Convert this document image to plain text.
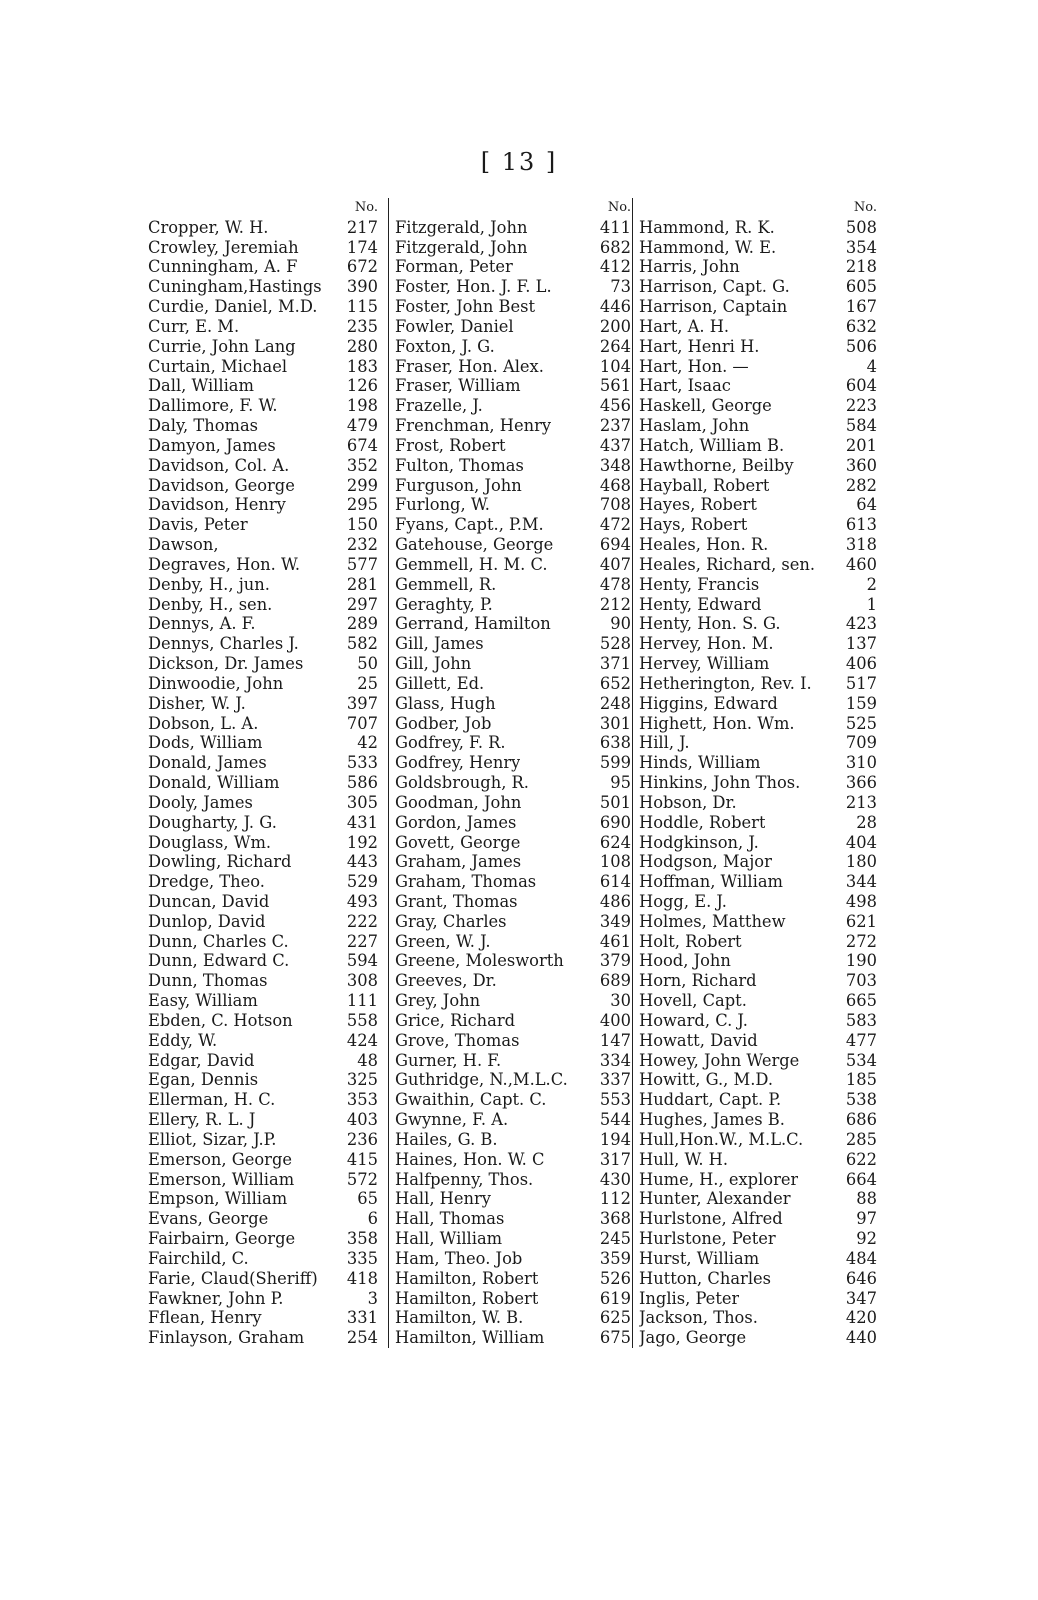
[ 13 ]
No.
Cropper, W. H.	217
Crowley, Jeremiah	174
Cunningham, A. F	672
Cuningham,Hastings 390
Curdie, Daniel, M.D. 115
Curr, E. M.	235
Currie, John Lang	280
Curtain, Michael	183
Dall, William	126
Dallimore, F. W.	198
Daly, Thomas	479
Damyon, James	674
Davidson, Col. A.	352
Davidson, George	299
Davidson, Henry	295
Davis, Peter	150
Dawson,	232
Degraves, Hon. W.	577
Denby, H., jun.	281
Denby, H., sen.	297
Dennys, A. F.	289
Dennys, Charles J.	582
Dickson, Dr. James	50
Dinwoodie, John	25
Disher, W. J.	397
Dobson, L. A.	707
Dods, William	42
Donald, James	533
Donald, William	586
Dooly, James	305
Dougharty, J. G.	431
Douglass, Wm.	192
Dowling, Richard	443
Dredge, Theo.	529
Duncan, David	493
Dunlop, David	222
Dunn, Charles C.	227
Dunn, Edward C.	594
Dunn, Thomas	308
Easy, William	111
Ebden, C. Hotson	558
Eddy, W.	424
Edgar, David	48
Egan, Dennis	325
Ellerman, H. C.	353
Ellery, R. L. J	403
Elliot, Sizar, J.P.	236
Emerson, George	415
Emerson, William	572
Empson, William	65
Evans, George	6
Fairbairn, George	358
Fairchild, C.	335
Farie, Claud(Sheriff) 418
Fawkner, John P.	3
Fflean, Henry	331
Finlayson, Graham	254
No.
Fitzgerald, John	411
Fitzgerald, John	682
Forman, Peter	412
Foster, Hon. J. F. L.	73
Foster, John Best	446
Fowler, Daniel	200
Foxton, J. G.	264
Fraser, Hon. Alex.	104
Fraser, William	561
Frazelle, J.	456
Frenchman, Henry	237
Frost, Robert	437
Fulton, Thomas	348
Furguson, John	468
Furlong, W.	708
Fyans, Capt., P.M.	472
Gatehouse, George	694
Gemmell, H. M. C.	407
Gemmell, R.	478
Geraghty, P.	212
Gerrand, Hamilton	90
Gill, James	528
Gill, John	371
Gillett, Ed.	652
Glass, Hugh	248
Godber, Job	301
Godfrey, F. R.	638
Godfrey, Henry	599
Goldsbrough, R.	95
Goodman, John	501
Gordon, James	690
Govett, George	624
Graham, James	108
Graham, Thomas	614
Grant, Thomas	486
Gray, Charles	349
Green, W. J.	461
Greene, Molesworth 379
Greeves, Dr.	689
Grey, John	30
Grice, Richard	400
Grove, Thomas	147
Gurner, H. F.	334
Guthridge, N.,M.L.C. 337
Gwaithin, Capt. C.	553
Gwynne, F. A.	544
Hailes, G. B.	194
Haines, Hon. W. C	317
Halfpenny, Thos.	430
Hall, Henry	112
Hall, Thomas	368
Hall, William	245
Ham, Theo. Job	359
Hamilton, Robert	526
Hamilton, Robert	619
Hamilton, W. B.	625
Hamilton, William	675
No.
Hammond, R. K.	508
Hammond, W. E.	354
Harris, John	218
Harrison, Capt. G.	605
Harrison, Captain	167
Hart, A. H.	632
Hart, Henri H.	506
Hart, Hon. —	4
Hart, Isaac	604
Haskell, George	223
Haslam, John	584
Hatch, William B.	201
Hawthorne, Beilby	360
Hayball, Robert	282
Hayes, Robert	64
Hays, Robert	613
Heales, Hon. R.	318
Heales, Richard, sen. 460
Henty, Francis	2
Henty, Edward	1
Henty, Hon. S. G.	423
Hervey, Hon. M.	137
Hervey, William	406
Hetherington, Rev. I. 517
Higgins, Edward	159
Highett, Hon. Wm.	525
Hill, J.	709
Hinds, William	310
Hinkins, John Thos.	366
Hobson, Dr.	213
Hoddle, Robert	28
Hodgkinson, J.	404
Hodgson, Major	180
Hoffman, William	344
Hogg, E. J.	498
Holmes, Matthew	621
Holt, Robert	272
Hood, John	190
Horn, Richard	703
Hovell, Capt.	665
Howard, C. J.	583
Howatt, David	477
Howey, John Werge	534
Howitt, G., M.D.	185
Huddart, Capt. P.	538
Hughes, James B.	686
Hull,Hon.W., M.L.C.	285
Hull, W. H.	622
Hume, H., explorer	664
Hunter, Alexander	88
Hurlstone, Alfred	97
Hurlstone, Peter	92
Hurst, William	484
Hutton, Charles	646
Inglis, Peter	347
Jackson, Thos.	420
Jago, George	440
